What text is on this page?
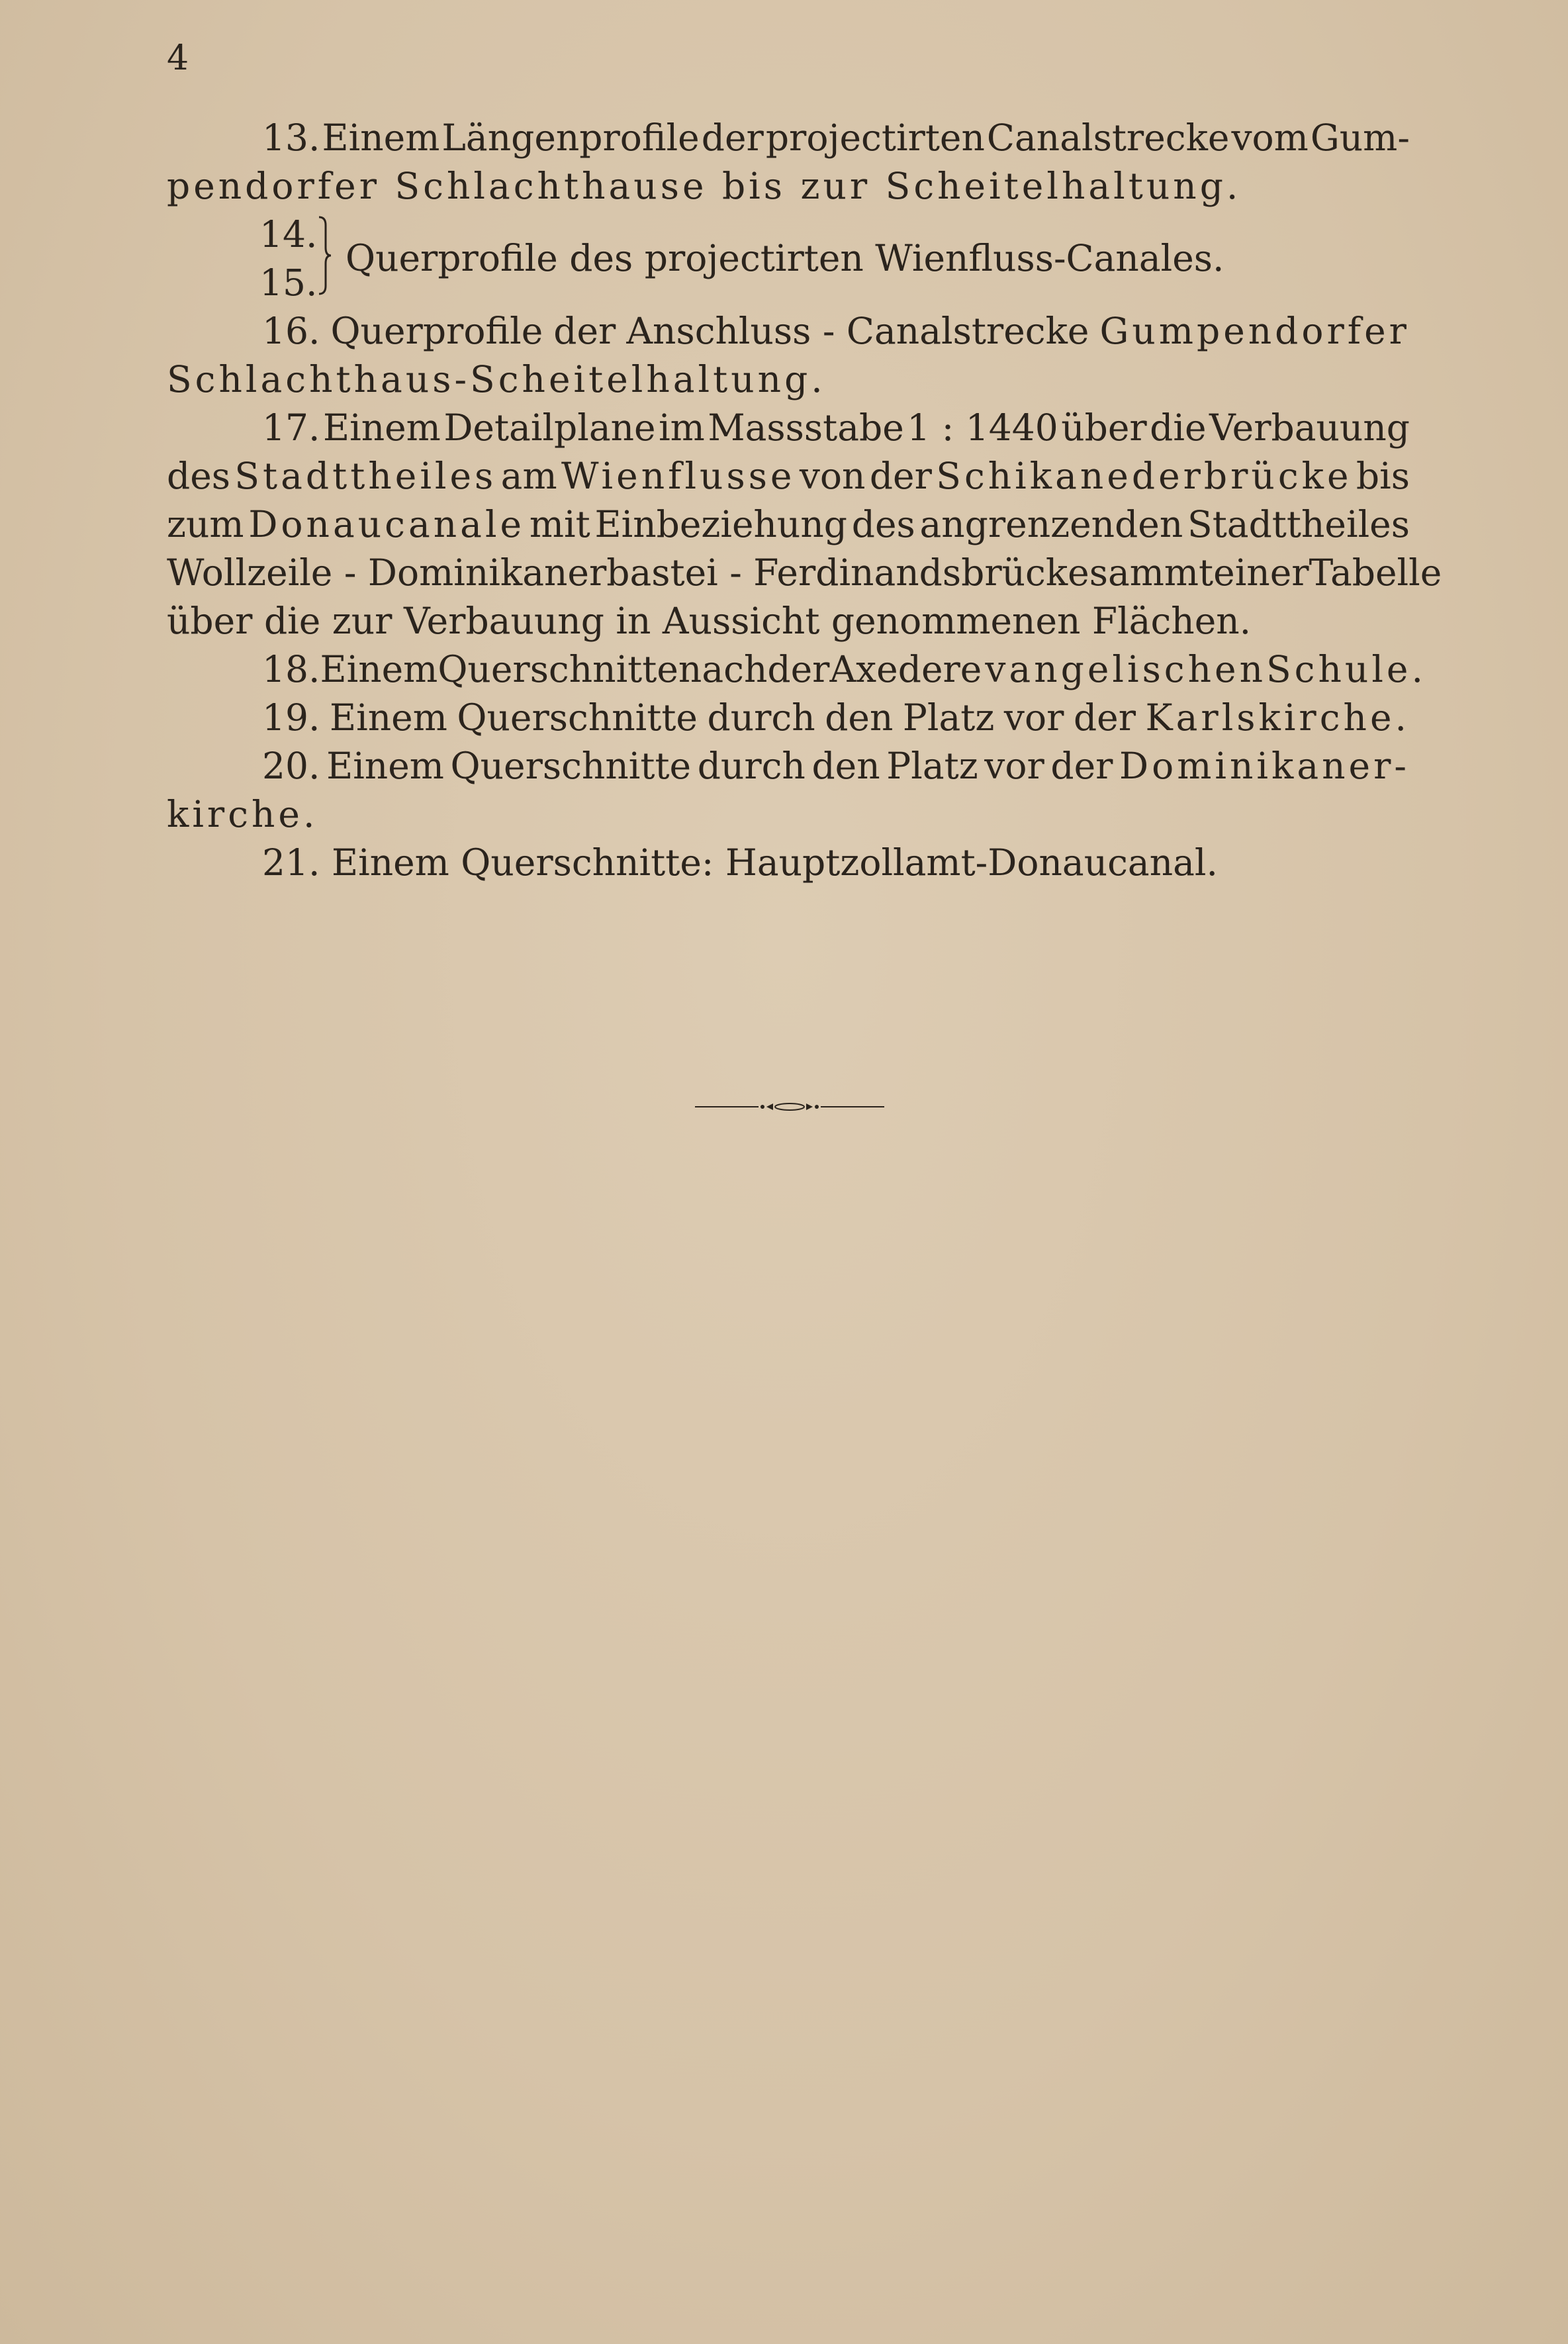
4
13. Einem Längenprofile der projectirten Canalstrecke vom Gum-
pendorfer Schlachthause bis zur Scheitelhaltung.
14.
15.
Querprofile des projectirten Wienfluss-Canales.
16. Querprofile der Anschluss - Canalstrecke Gumpendorfer
Schlachthaus-Scheitelhaltung.
17. Einem Detailplane im Massstabe 1 : 1440 über die Verbauung
des Stadttheiles am Wienflusse von der Schikanederbrücke bis
zum Donaucanale mit Einbeziehung des angrenzenden Stadttheiles
Wollzeile - Dominikanerbastei - Ferdinandsbrücke sammt einer Tabelle
über die zur Verbauung in Aussicht genommenen Flächen.
18. Einem Querschnitte nach der Axe der evangelischen Schule.
19. Einem Querschnitte durch den Platz vor der Karlskirche.
20. Einem Querschnitte durch den Platz vor der Dominikaner-
kirche.
21. Einem Querschnitte: Hauptzollamt-Donaucanal.
